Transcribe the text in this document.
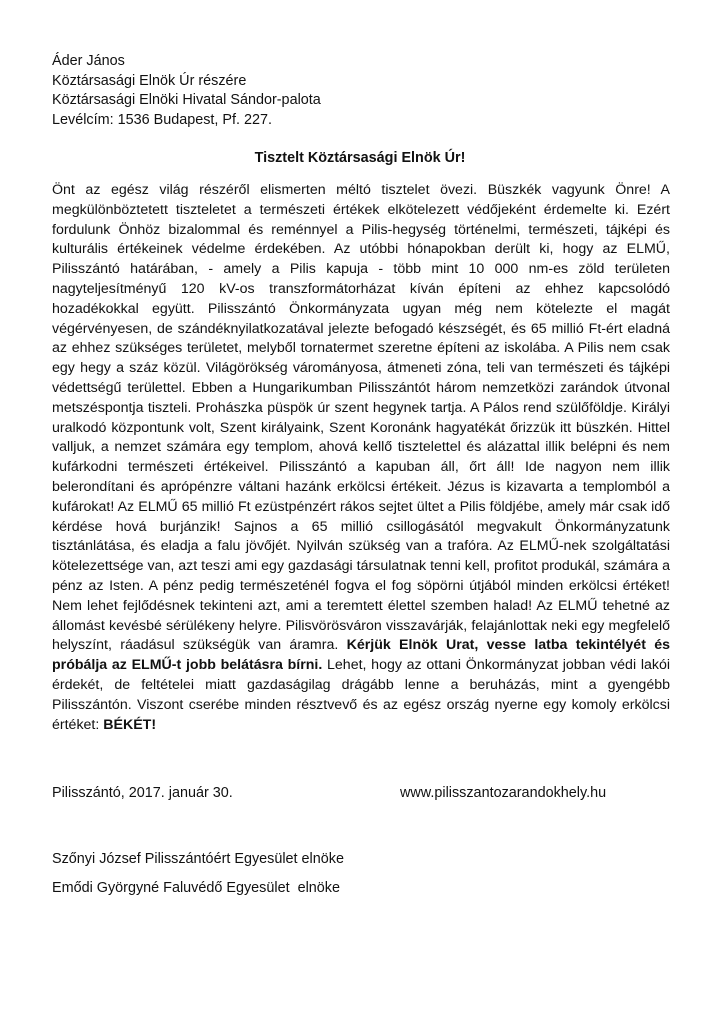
Áder János
Köztársasági Elnök Úr részére
Köztársasági Elnöki Hivatal Sándor-palota
Levélcím: 1536 Budapest, Pf. 227.
Tisztelt Köztársasági Elnök Úr!
Önt az egész világ részéről elismerten méltó tisztelet övezi. Büszkék vagyunk Önre! A megkülönböztetett tiszteletet a természeti értékek elkötelezett védőjeként érdemelte ki. Ezért fordulunk Önhöz bizalommal és reménnyel a Pilis-hegység történelmi, természeti, tájképi és kulturális értékeinek védelme érdekében. Az utóbbi hónapokban derült ki, hogy az ELMŰ, Pilisszántó határában, - amely a Pilis kapuja - több mint 10 000 nm-es zöld területen nagyteljesítményű 120 kV-os transzformátorházat kíván építeni az ehhez kapcsolódó hozadékokkal együtt. Pilisszántó Önkormányzata ugyan még nem kötelezte el magát végérvényesen, de szándéknyilatkozatával jelezte befogadó készségét, és 65 millió Ft-ért eladná az ehhez szükséges területet, melyből tornatermet szeretne építeni az iskolába. A Pilis nem csak egy hegy a száz közül. Világörökség várományosa, átmeneti zóna, teli van természeti és tájképi védettségű területtel. Ebben a Hungarikumban Pilisszántót három nemzetközi zarándok útvonal metszéspontja tiszteli. Prohászka püspök úr szent hegynek tartja. A Pálos rend szülőföldje. Királyi uralkodó központunk volt, Szent királyaink, Szent Koronánk hagyatékát őrizzük itt büszkén. Hittel valljuk, a nemzet számára egy templom, ahová kellő tisztelettel és alázattal illik belépni és nem kufárkodni természeti értékeivel. Pilisszántó a kapuban áll, őrt áll! Ide nagyon nem illik belerondítani és aprópénzre váltani hazánk erkölcsi értékeit. Jézus is kizavarta a templomból a kufárokat! Az ELMŰ 65 millió Ft ezüstpénzért rákos sejtet ültet a Pilis földjébe, amely már csak idő kérdése hová burjánzik! Sajnos a 65 millió csillogásától megvakult Önkormányzatunk tisztánlátása, és eladja a falu jövőjét. Nyilván szükség van a trafóra. Az ELMŰ-nek szolgáltatási kötelezettsége van, azt teszi ami egy gazdasági társulatnak tenni kell, profitot produkál, számára a pénz az Isten. A pénz pedig természeténél fogva el fog söpörni útjából minden erkölcsi értéket! Nem lehet fejlődésnek tekinteni azt, ami a teremtett élettel szemben halad! Az ELMŰ tehetné az állomást kevésbé sérülékeny helyre. Pilisvörösváron visszavárják, felajánlottak neki egy megfelelő helyszínt, ráadásul szükségük van áramra. Kérjük Elnök Urat, vesse latba tekintélyét és próbálja az ELMŰ-t jobb belátásra bírni. Lehet, hogy az ottani Önkormányzat jobban védi lakói érdekét, de feltételei miatt gazdaságilag drágább lenne a beruházás, mint a gyengébb Pilisszántón. Viszont cserébe minden résztvevő és az egész ország nyerne egy komoly erkölcsi értéket: BÉKÉT!
Pilisszántó, 2017. január 30.	www.pilisszantozarandokhely.hu
Szőnyi József Pilisszántóért Egyesület elnöke
Emődi Györgyné Faluvédő Egyesület  elnöke
